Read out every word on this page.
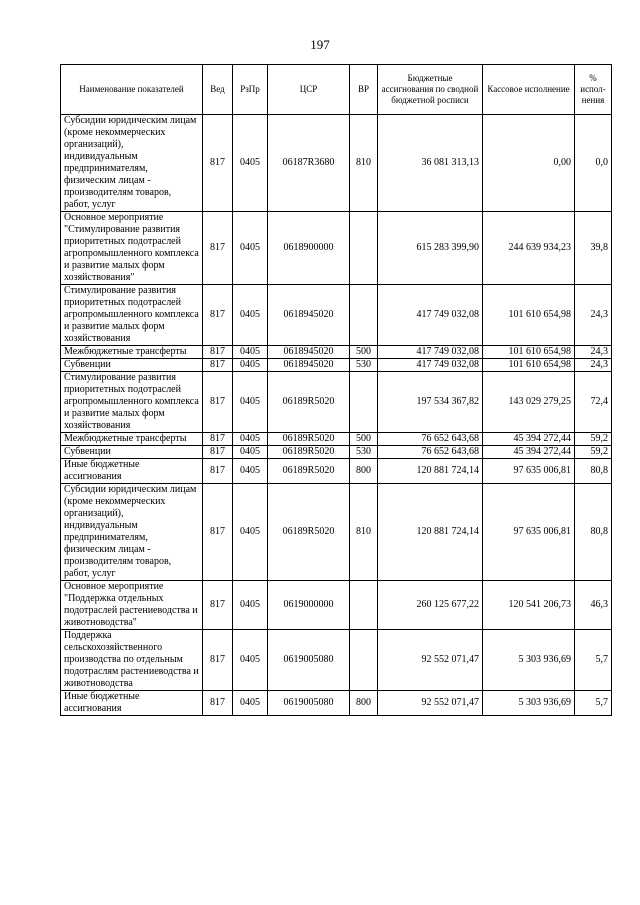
197
Наименование показателей	Вед	РзПр	ЦСР	ВР	Бюджетные ассигнования по сводной бюджетной росписи	Кассовое исполнение	% испол-нения
Субсидии юридическим лицам (кроме некоммерческих организаций), индивидуальным предпринимателям, физическим лицам - производителям товаров, работ, услуг	817	0405	06187R3680	810	36 081 313,13	0,00	0,0
Основное мероприятие "Стимулирование развития приоритетных подотраслей агропромышленного комплекса и развитие малых форм хозяйствования"	817	0405	0618900000		615 283 399,90	244 639 934,23	39,8
Стимулирование развития приоритетных подотраслей агропромышленного комплекса и развитие малых форм хозяйствования	817	0405	0618945020		417 749 032,08	101 610 654,98	24,3
Межбюджетные трансферты	817	0405	0618945020	500	417 749 032,08	101 610 654,98	24,3
Субвенции	817	0405	0618945020	530	417 749 032,08	101 610 654,98	24,3
Стимулирование развития приоритетных подотраслей агропромышленного комплекса и развитие малых форм хозяйствования	817	0405	06189R5020		197 534 367,82	143 029 279,25	72,4
Межбюджетные трансферты	817	0405	06189R5020	500	76 652 643,68	45 394 272,44	59,2
Субвенции	817	0405	06189R5020	530	76 652 643,68	45 394 272,44	59,2
Иные бюджетные ассигнования	817	0405	06189R5020	800	120 881 724,14	97 635 006,81	80,8
Субсидии юридическим лицам (кроме некоммерческих организаций), индивидуальным предпринимателям, физическим лицам - производителям товаров, работ, услуг	817	0405	06189R5020	810	120 881 724,14	97 635 006,81	80,8
Основное мероприятие "Поддержка отдельных подотраслей растениеводства и животноводства"	817	0405	0619000000		260 125 677,22	120 541 206,73	46,3
Поддержка сельскохозяйственного производства по отдельным подотраслям растениеводства и животноводства	817	0405	0619005080		92 552 071,47	5 303 936,69	5,7
Иные бюджетные ассигнования	817	0405	0619005080	800	92 552 071,47	5 303 936,69	5,7
